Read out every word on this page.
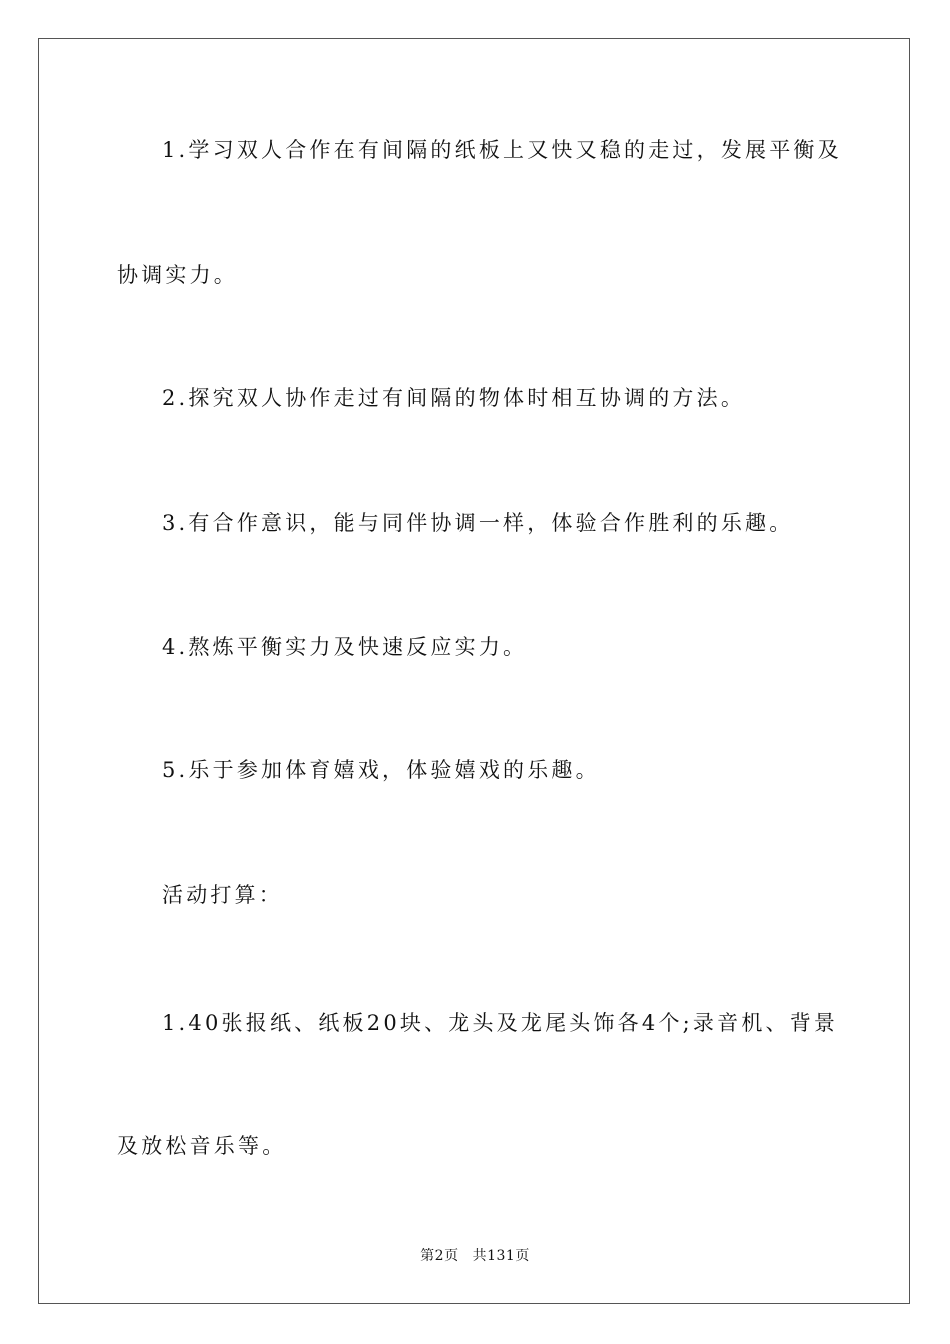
1.学习双人合作在有间隔的纸板上又快又稳的走过，发展平衡及
协调实力。
2.探究双人协作走过有间隔的物体时相互协调的方法。
3.有合作意识，能与同伴协调一样，体验合作胜利的乐趣。
4.熬炼平衡实力及快速反应实力。
5.乐于参加体育嬉戏，体验嬉戏的乐趣。
活动打算：
1.40张报纸、纸板20块、龙头及龙尾头饰各4个;录音机、背景
及放松音乐等。
第2页 共131页
